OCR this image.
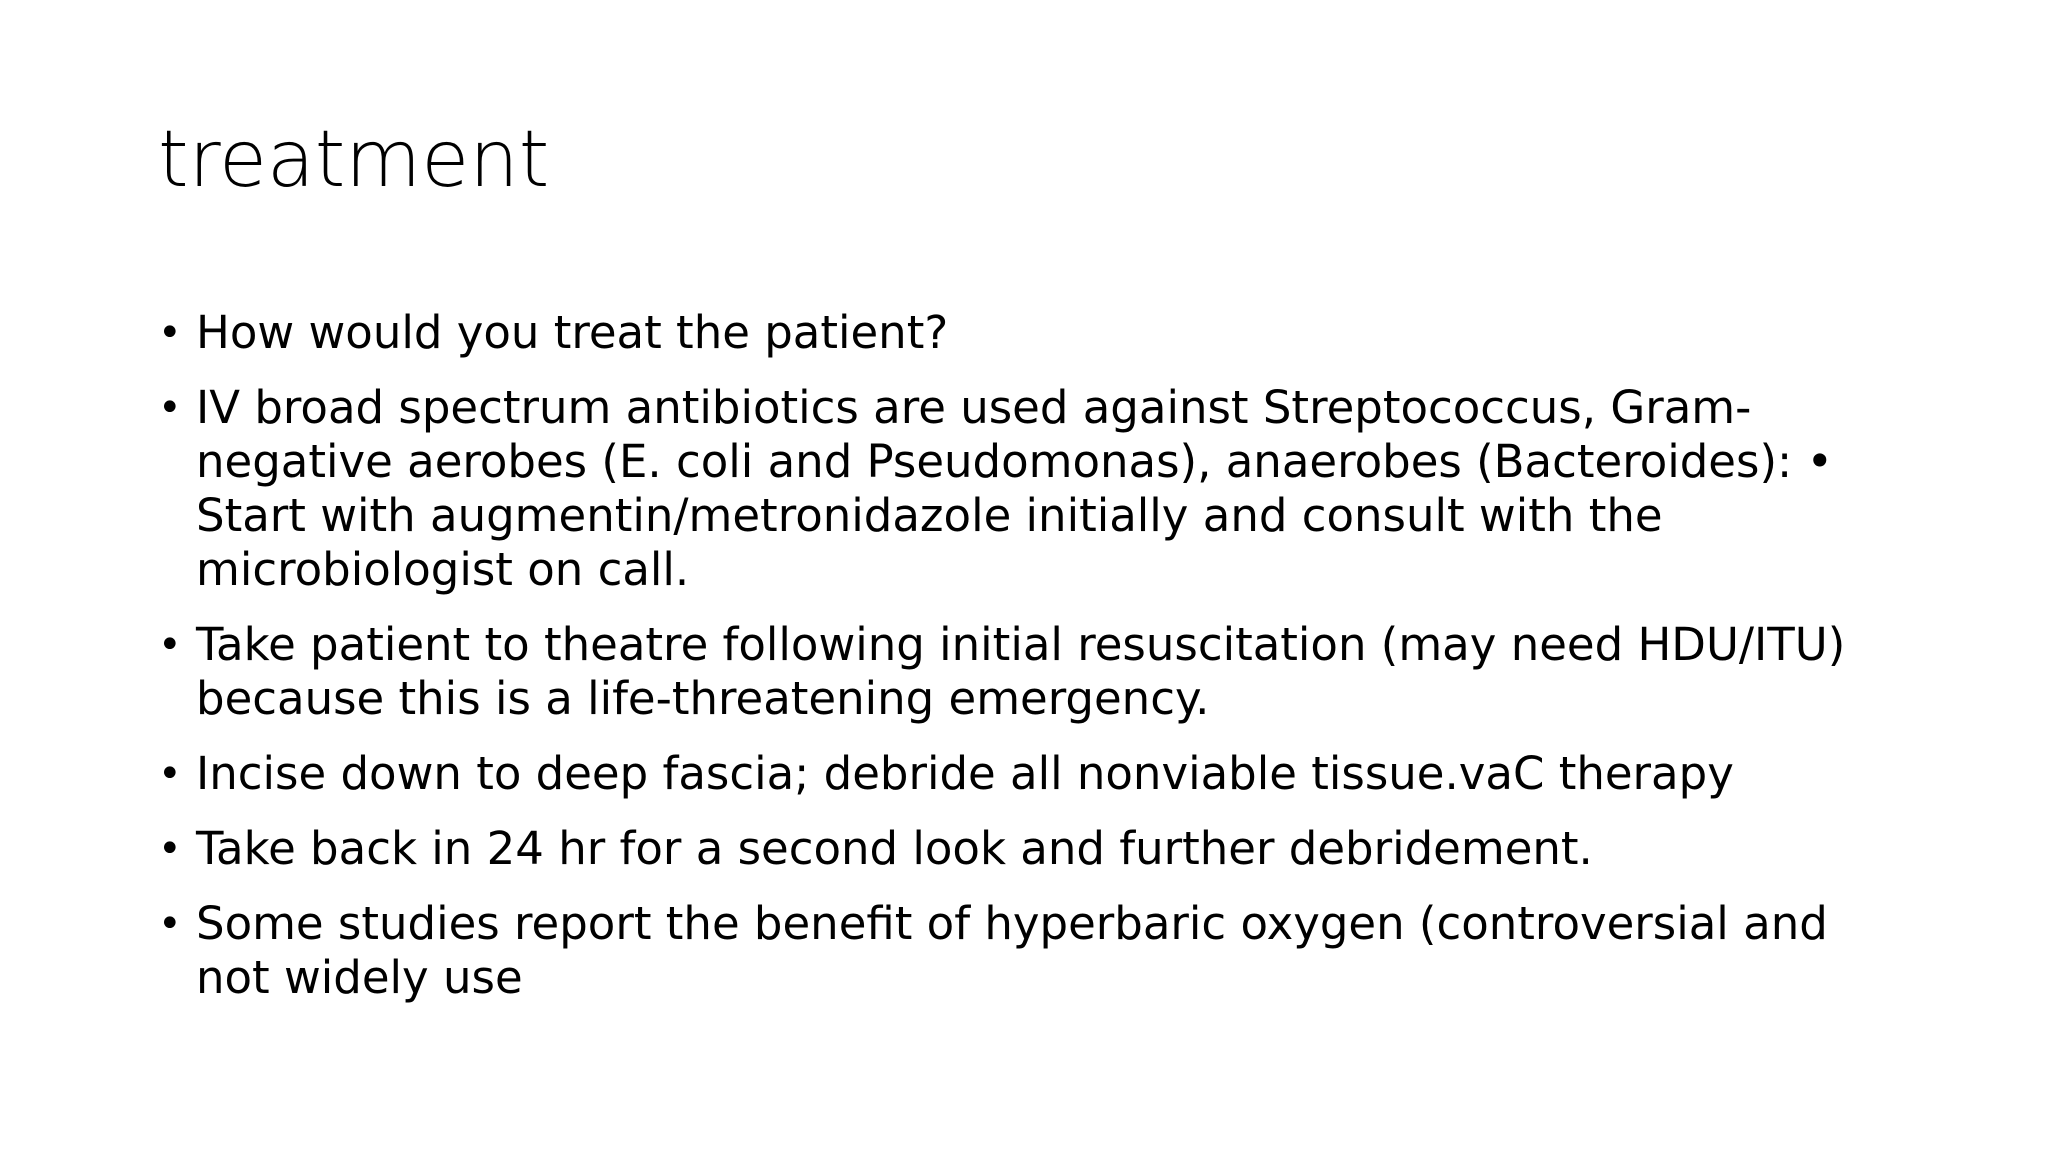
treatment
• How would you treat the patient?
• IV broad spectrum antibiotics are used against Streptococcus, Gram-negative aerobes (E. coli and Pseudomonas), anaerobes (Bacteroides): • Start with augmentin/metronidazole initially and consult with the microbiologist on call.
• Take patient to theatre following initial resuscitation (may need HDU/ITU) because this is a life-threatening emergency.
• Incise down to deep fascia; debride all nonviable tissue.vaC therapy
• Take back in 24 hr for a second look and further debridement.
• Some studies report the benefit of hyperbaric oxygen (controversial and not widely use
